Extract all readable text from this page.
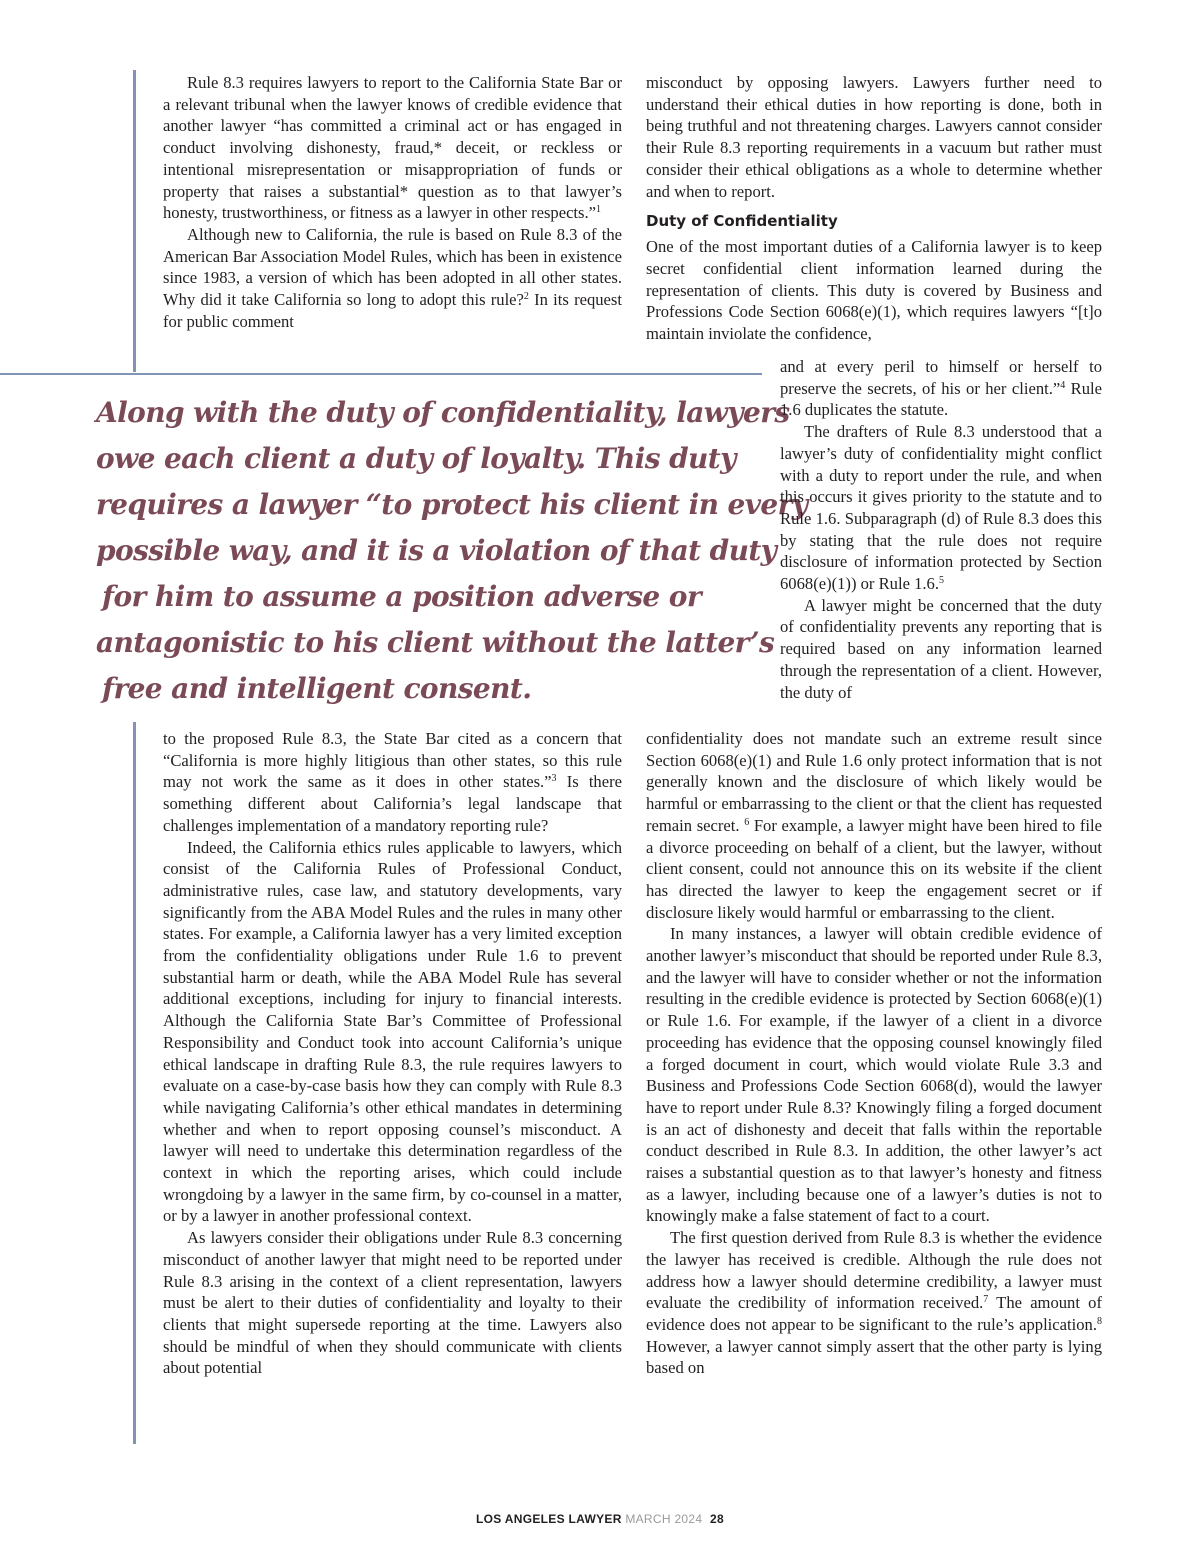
Rule 8.3 requires lawyers to report to the California State Bar or a relevant tribunal when the lawyer knows of credible evidence that another lawyer “has committed a criminal act or has engaged in conduct involving dishonesty, fraud,* deceit, or reckless or intentional misrepresentation or misappropriation of funds or property that raises a substantial* question as to that lawyer’s honesty, trustworthiness, or fitness as a lawyer in other respects.”$^1$

Although new to California, the rule is based on Rule 8.3 of the American Bar Association Model Rules, which has been in existence since 1983, a version of which has been adopted in all other states. Why did it take California so long to adopt this rule?$^2$ In its request for public comment

Along with the duty of confidentiality, lawyers
owe each client a duty of loyalty. This duty
requires a lawyer “to protect his client in every
possible way, and it is a violation of that duty
for him to assume a position adverse or
antagonistic to his client without the latter’s
free and intelligent consent.

to the proposed Rule 8.3, the State Bar cited as a concern that “California is more highly litigious than other states, so this rule may not work the same as it does in other states.”$^3$ Is there something different about California’s legal landscape that challenges implementation of a mandatory reporting rule?

Indeed, the California ethics rules applicable to lawyers, which consist of the California Rules of Professional Conduct, administrative rules, case law, and statutory developments, vary significantly from the ABA Model Rules and the rules in many other states. For example, a California lawyer has a very limited exception from the confidentiality obligations under Rule 1.6 to prevent substantial harm or death, while the ABA Model Rule has several additional exceptions, including for injury to financial interests. Although the California State Bar’s Committee of Professional Responsibility and Conduct took into account California’s unique ethical landscape in drafting Rule 8.3, the rule requires lawyers to evaluate on a case-by-case basis how they can comply with Rule 8.3 while navigating California’s other ethical mandates in determining whether and when to report opposing counsel’s misconduct. A lawyer will need to undertake this determination regardless of the context in which the reporting arises, which could include wrongdoing by a lawyer in the same firm, by co-counsel in a matter, or by a lawyer in another professional context.

As lawyers consider their obligations under Rule 8.3 concerning misconduct of another lawyer that might need to be reported under Rule 8.3 arising in the context of a client representation, lawyers must be alert to their duties of confidentiality and loyalty to their clients that might supersede reporting at the time. Lawyers also should be mindful of when they should communicate with clients about potential

misconduct by opposing lawyers. Lawyers further need to understand their ethical duties in how reporting is done, both in being truthful and not threatening charges. Lawyers cannot consider their Rule 8.3 reporting requirements in a vacuum but rather must consider their ethical obligations as a whole to determine whether and when to report.

Duty of Confidentiality

One of the most important duties of a California lawyer is to keep secret confidential client information learned during the representation of clients. This duty is covered by Business and Professions Code Section 6068(e)(1), which requires lawyers “[t]o maintain inviolate the confidence,

and at every peril to himself or herself to preserve the secrets, of his or her client.”$^4$ Rule 1.6 duplicates the statute.

The drafters of Rule 8.3 understood that a lawyer’s duty of confidentiality might conflict with a duty to report under the rule, and when this occurs it gives priority to the statute and to Rule 1.6. Subparagraph (d) of Rule 8.3 does this by stating that the rule does not require disclosure of information protected by Section 6068(e)(1)) or Rule 1.6.$^5$

A lawyer might be concerned that the duty of confidentiality prevents any reporting that is required based on any information learned through the representation of a client. However, the duty of

confidentiality does not mandate such an extreme result since Section 6068(e)(1) and Rule 1.6 only protect information that is not generally known and the disclosure of which likely would be harmful or embarrassing to the client or that the client has requested remain secret. $^6$ For example, a lawyer might have been hired to file a divorce proceeding on behalf of a client, but the lawyer, without client consent, could not announce this on its website if the client has directed the lawyer to keep the engagement secret or if disclosure likely would harmful or embarrassing to the client.

In many instances, a lawyer will obtain credible evidence of another lawyer’s misconduct that should be reported under Rule 8.3, and the lawyer will have to consider whether or not the information resulting in the credible evidence is protected by Section 6068(e)(1) or Rule 1.6. For example, if the lawyer of a client in a divorce proceeding has evidence that the opposing counsel knowingly filed a forged document in court, which would violate Rule 3.3 and Business and Professions Code Section 6068(d), would the lawyer have to report under Rule 8.3? Knowingly filing a forged document is an act of dishonesty and deceit that falls within the reportable conduct described in Rule 8.3. In addition, the other lawyer’s act raises a substantial question as to that lawyer’s honesty and fitness as a lawyer, including because one of a lawyer’s duties is not to knowingly make a false statement of fact to a court.

The first question derived from Rule 8.3 is whether the evidence the lawyer has received is credible. Although the rule does not address how a lawyer should determine credibility, a lawyer must evaluate the credibility of information received.$^7$ The amount of evidence does not appear to be significant to the rule’s application.$^8$ However, a lawyer cannot simply assert that the other party is lying based on

LOS ANGELES LAWYER MARCH 2024 28
